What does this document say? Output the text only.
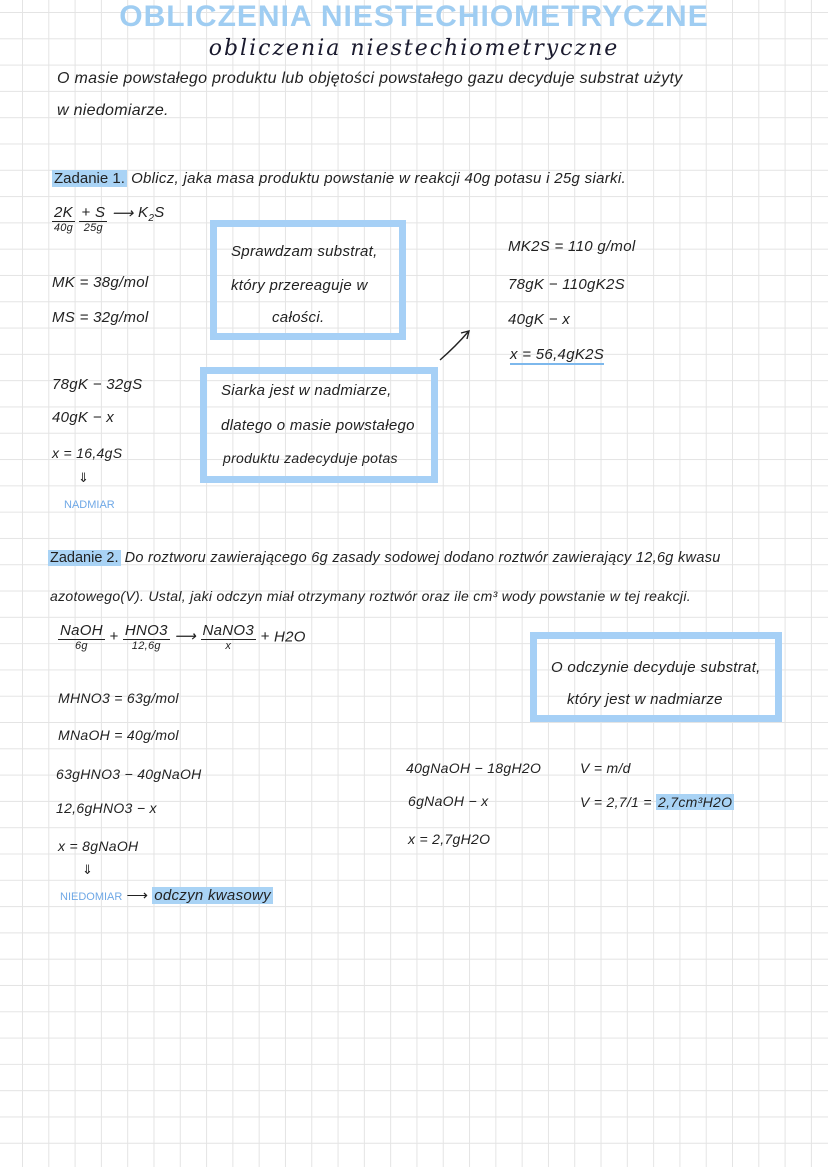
OBLICZENIA NIESTECHIOMETRYCZNE
obliczenia niestechiometryczne
O masie powstałego produktu lub objętości powstałego gazu decyduje substrat użyty
w niedomiarze.
Zadanie 1. Oblicz, jaka masa produktu powstanie w reakcji 40g potasu i 25g siarki.
$\frac{2K}{40g}$
$\frac{+ S}{25g}$ ⟶ $K_2S$
MK = 38g/mol
MS = 32g/mol
Sprawdzam substrat,
który przereaguje w
całości.
Siarka jest w nadmiarze,
dlatego o masie powstałego
produktu zadecyduje potas
78gK − 32gS
40gK − x
x = 16,4gS
⇓
NADMIAR
MK2S = 110 g/mol
78gK − 110gK2S
40gK − x
x = 56,4gK2S
Zadanie 2. Do roztworu zawierającego 6g zasady sodowej dodano roztwór zawierający 12,6g kwasu
azotowego(V). Ustal, jaki odczyn miał otrzymany roztwór oraz ile cm³ wody powstanie w tej reakcji.
$\frac{\text{NaOH}}{6g} + \frac{\text{HNO3}}{12,6g}$ ⟶ $\frac{\text{NaNO3}}{x} + H2O$
O odczynie decyduje substrat,
który jest w nadmiarze
MHNO3 = 63g/mol
MNaOH = 40g/mol
63gHNO3 − 40gNaOH
12,6gHNO3 − x
x = 8gNaOH
⇓
NIEDOMIAR ⟶ odczyn kwasowy
40gNaOH − 18gH2O
6gNaOH − x
x = 2,7gH2O
V = m/d
V = 2,7/1 = 2,7cm³H2O
